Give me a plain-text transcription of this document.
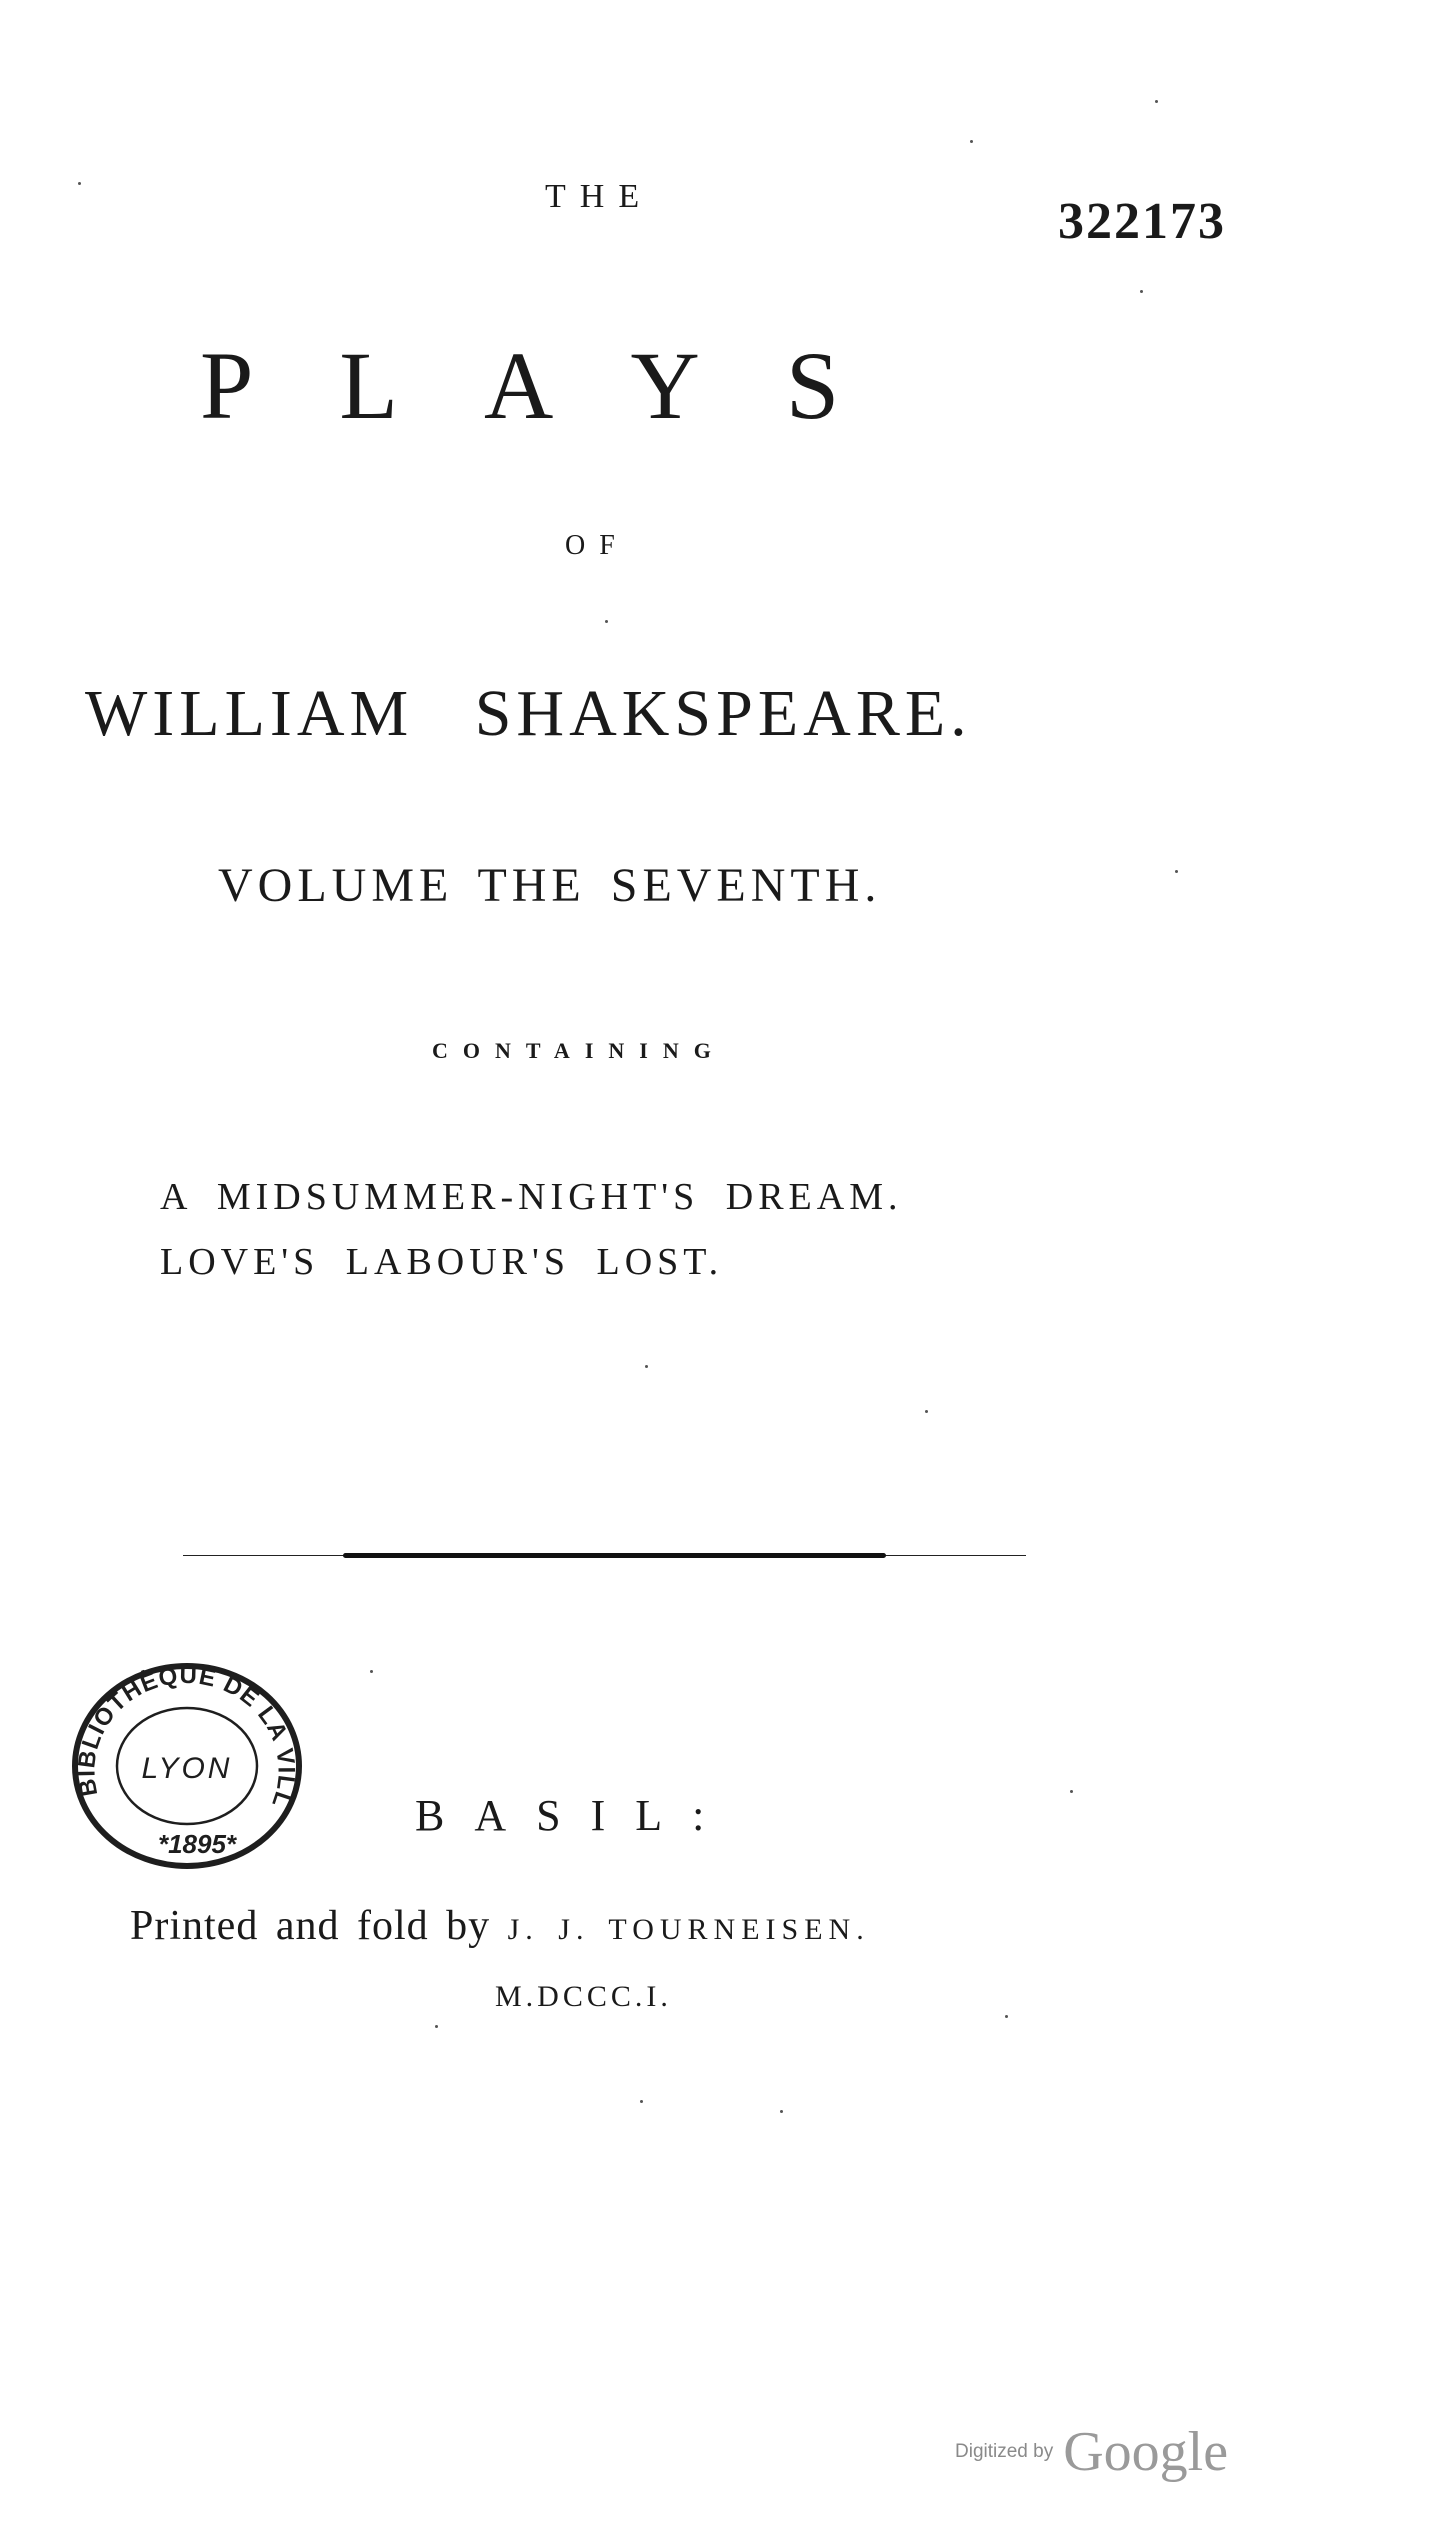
THE	322173
PLAYS
OF
WILLIAM SHAKSPEARE.
VOLUME THE SEVENTH.
CONTAINING
A MIDSUMMER-NIGHT'S DREAM.
LOVE'S LABOUR'S LOST.
BIBLIOTHÈQUE DE LA VILL
LYON
*1895*
BASIL:
Printed and fold by J. J. TOURNEISEN.
M.DCCC.I.
Digitized by Google
